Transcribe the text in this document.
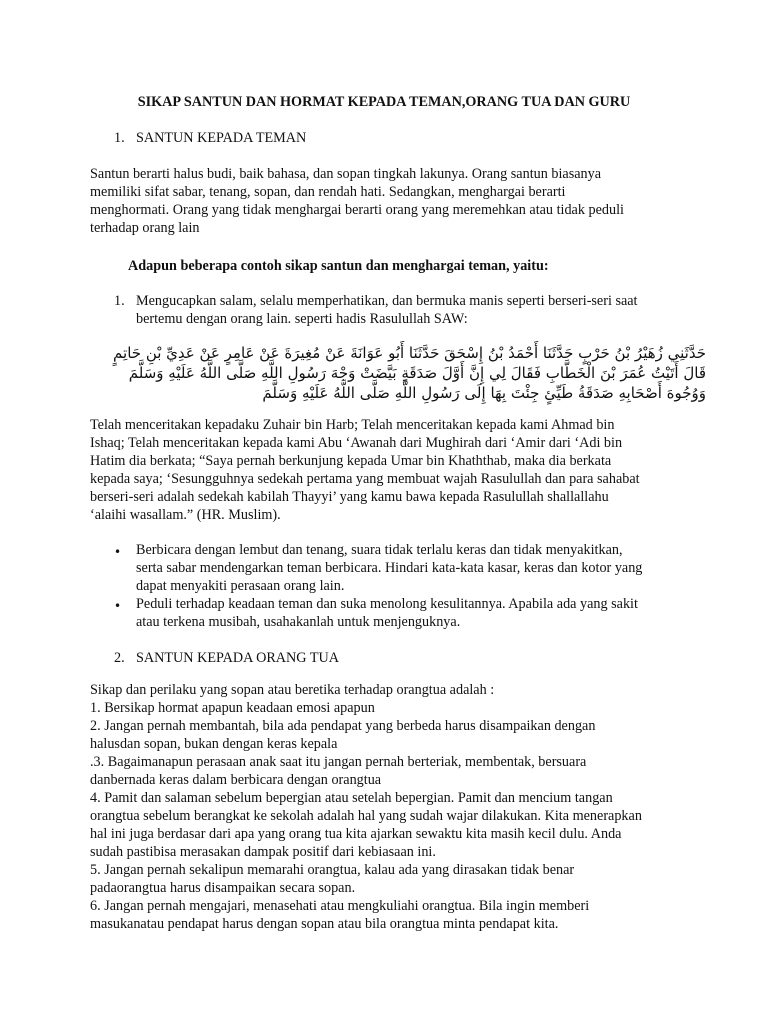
SIKAP SANTUN DAN HORMAT KEPADA TEMAN,ORANG TUA DAN GURU
1. SANTUN KEPADA TEMAN
Santun berarti halus budi, baik bahasa, dan sopan tingkah lakunya. Orang santun biasanya
memiliki sifat sabar, tenang, sopan, dan rendah hati. Sedangkan, menghargai berarti
menghormati. Orang yang tidak menghargai berarti orang yang meremehkan atau tidak peduli
terhadap orang lain
Adapun beberapa contoh sikap santun dan menghargai teman, yaitu:
1. Mengucapkan salam, selalu memperhatikan, dan bermuka manis seperti berseri-seri saat
bertemu dengan orang lain. seperti hadis Rasulullah SAW:
حَدَّثَنِي زُهَيْرُ بْنُ حَرْبٍ حَدَّثَنَا أَحْمَدُ بْنُ إِسْحَقَ حَدَّثَنَا أَبُو عَوَانَةَ عَنْ مُغِيرَةَ عَنْ عَامِرٍ عَنْ عَدِيِّ بْنِ حَاتِمٍ
قَالَ أَتَيْتُ عُمَرَ بْنَ الْخَطَّابِ فَقَالَ لِي إِنَّ أَوَّلَ صَدَقَةٍ بَيَّضَتْ وَجْهَ رَسُولِ اللَّهِ صَلَّى اللَّهُ عَلَيْهِ وَسَلَّمَ
وَوُجُوهَ أَصْحَابِهِ صَدَقَةُ طَيِّئٍ جِئْتَ بِهَا إِلَى رَسُولِ اللَّهِ صَلَّى اللَّهُ عَلَيْهِ وَسَلَّمَ
Telah menceritakan kepadaku Zuhair bin Harb; Telah menceritakan kepada kami Ahmad bin
Ishaq; Telah menceritakan kepada kami Abu ‘Awanah dari Mughirah dari ‘Amir dari ‘Adi bin
Hatim dia berkata; “Saya pernah berkunjung kepada Umar bin Khaththab, maka dia berkata
kepada saya; ‘Sesungguhnya sedekah pertama yang membuat wajah Rasulullah dan para sahabat
berseri-seri adalah sedekah kabilah Thayyi’ yang kamu bawa kepada Rasulullah shallallahu
‘alaihi wasallam.” (HR. Muslim).
• Berbicara dengan lembut dan tenang, suara tidak terlalu keras dan tidak menyakitkan,
serta sabar mendengarkan teman berbicara. Hindari kata-kata kasar, keras dan kotor yang
dapat menyakiti perasaan orang lain.
• Peduli terhadap keadaan teman dan suka menolong kesulitannya. Apabila ada yang sakit
atau terkena musibah, usahakanlah untuk menjenguknya.
2. SANTUN KEPADA ORANG TUA
Sikap dan perilaku yang sopan atau beretika terhadap orangtua adalah :
1. Bersikap hormat apapun keadaan emosi apapun
2. Jangan pernah membantah, bila ada pendapat yang berbeda harus disampaikan dengan
halusdan sopan, bukan dengan keras kepala
.3. Bagaimanapun perasaan anak saat itu jangan pernah berteriak, membentak, bersuara
danbernada keras dalam berbicara dengan orangtua
4. Pamit dan salaman sebelum bepergian atau setelah bepergian. Pamit dan mencium tangan
orangtua sebelum berangkat ke sekolah adalah hal yang sudah wajar dilakukan. Kita menerapkan
hal ini juga berdasar dari apa yang orang tua kita ajarkan sewaktu kita masih kecil dulu. Anda
sudah pastibisa merasakan dampak positif dari kebiasaan ini.
5. Jangan pernah sekalipun memarahi orangtua, kalau ada yang dirasakan tidak benar
padaorangtua harus disampaikan secara sopan.
6. Jangan pernah mengajari, menasehati atau mengkuliahi orangtua. Bila ingin memberi
masukanatau pendapat harus dengan sopan atau bila orangtua minta pendapat kita.
